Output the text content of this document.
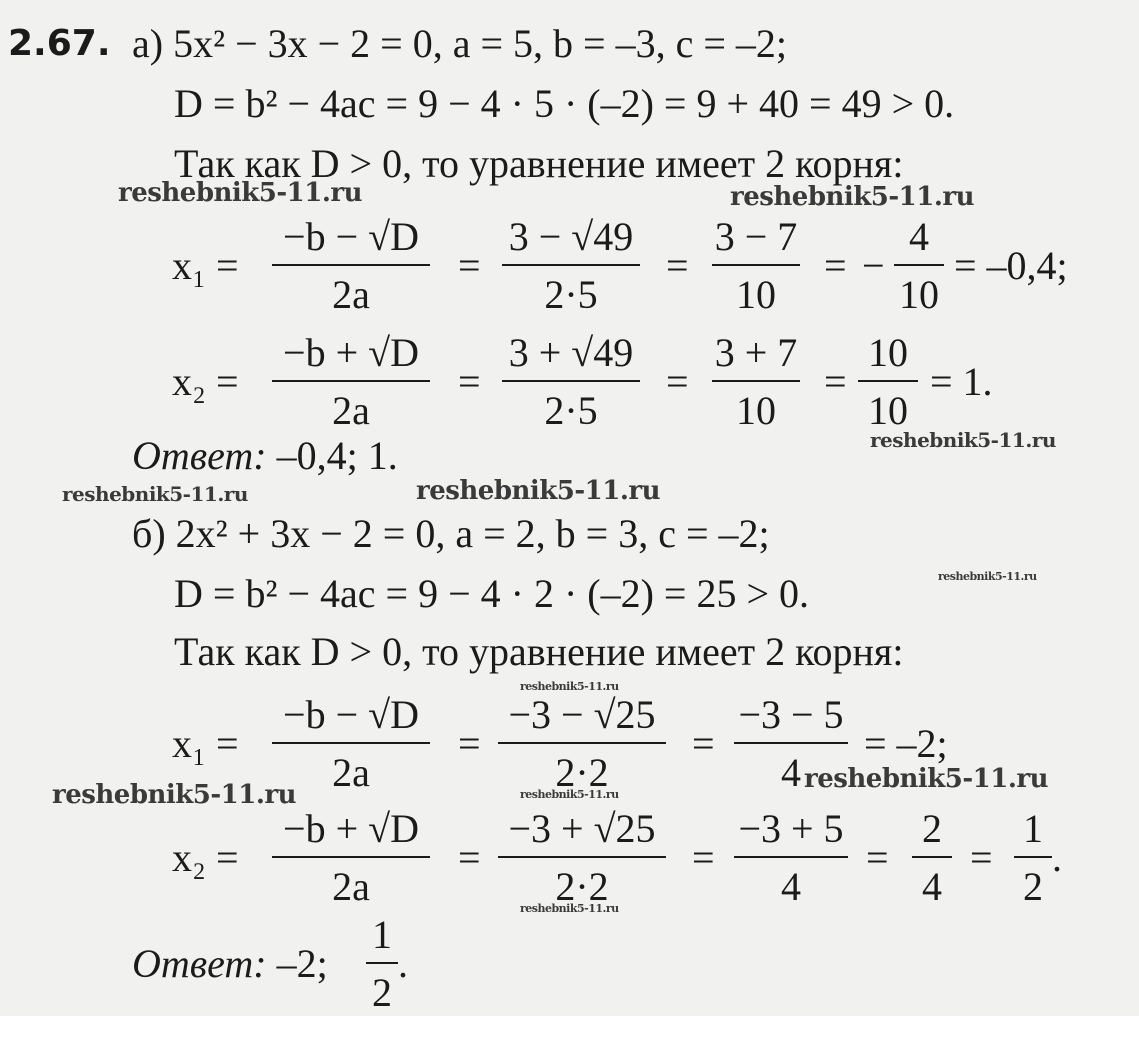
2.67. а) 5x² − 3x − 2 = 0, a = 5, b = –3, c = –2;
D = b² − 4ac = 9 − 4 · 5 · (–2) = 9 + 40 = 49 > 0.
Так как D > 0, то уравнение имеет 2 корня:
x₁ =
−b − √D
2a
=
3 − √49
2·5
=
3 − 7
10
= −
4
10
= –0,4;
x₂ =
−b + √D
2a
=
3 + √49
2·5
=
3 + 7
10
=
10
10
= 1.
Ответ: –0,4; 1.
б) 2x² + 3x − 2 = 0, a = 2, b = 3, c = –2;
D = b² − 4ac = 9 − 4 · 2 · (–2) = 25 > 0.
Так как D > 0, то уравнение имеет 2 корня:
x₁ =
−b − √D
2a
=
−3 − √25
2·2
=
−3 − 5
4
= –2;
x₂ =
−b + √D
2a
=
−3 + √25
2·2
=
−3 + 5
4
=
2
4
=
1
2
.
Ответ: –2;
1
2
.
reshebnik5-11.ru	reshebnik5-11.ru
reshebnik5-11.ru
reshebnik5-11.ru	reshebnik5-11.ru
reshebnik5-11.ru
reshebnik5-11.ru
reshebnik5-11.ru
reshebnik5-11.ru	reshebnik5-11.ru
reshebnik5-11.ru
